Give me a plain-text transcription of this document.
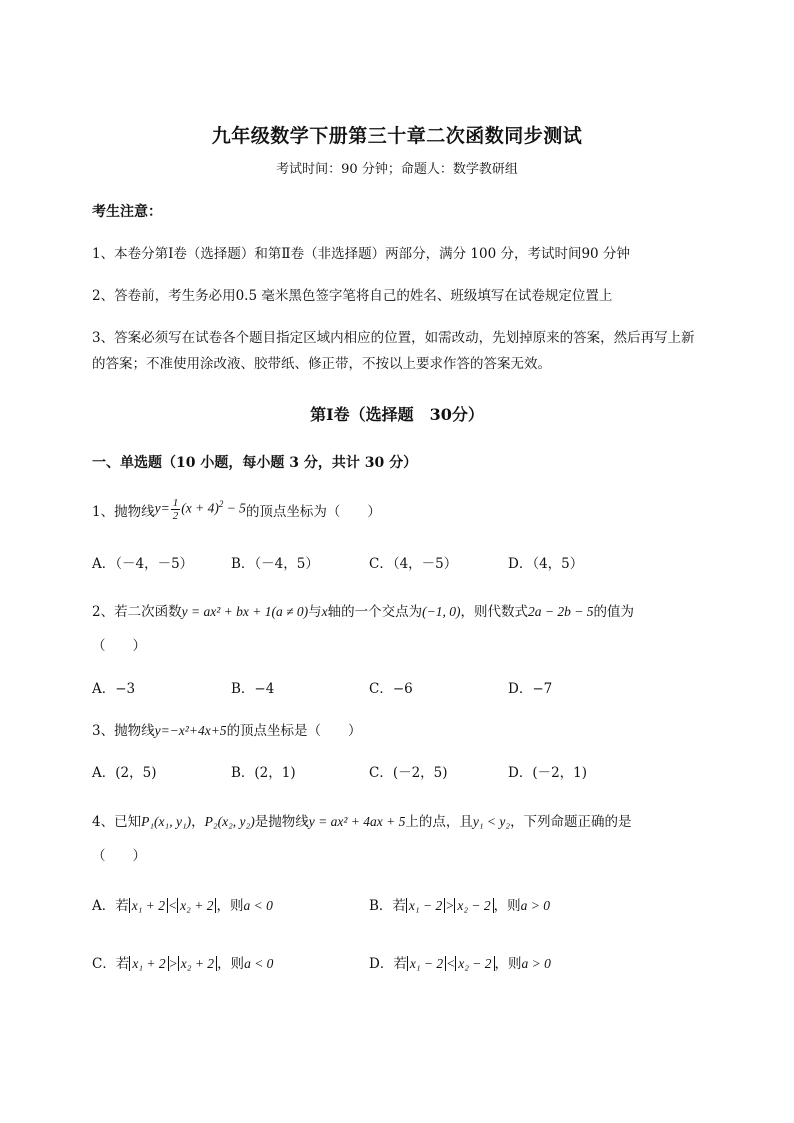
九年级数学下册第三十章二次函数同步测试
考试时间：90 分钟；命题人：数学教研组
考生注意：
1、本卷分第Ⅰ卷（选择题）和第Ⅱ卷（非选择题）两部分，满分 100 分，考试时间90 分钟
2、答卷前，考生务必用0.5 毫米黑色签字笔将自己的姓名、班级填写在试卷规定位置上
3、答案必须写在试卷各个题目指定区域内相应的位置，如需改动，先划掉原来的答案，然后再写上新
的答案；不准使用涂改液、胶带纸、修正带，不按以上要求作答的答案无效。
第Ⅰ卷（选择题　30分）
一、单选题（10 小题，每小题 3 分，共计 30 分）
1、抛物线 $y= \frac{1}{2} (x + 4)^2 - 5$ 的顶点坐标为（　　）
A．（－4，－5）	B．（－4，5）	C．（4，－5）	D．（4，5）
2、若二次函数y = ax² + bx + 1(a ≠ 0)与x轴的一个交点为(−1, 0)，则代数式2a − 2b − 5的值为
（　　）
A．−3	B．−4	C．−6	D．−7
3、抛物线y=−x²+4x+5的顶点坐标是（　　）
A．(2，5)	B．(2，1)	C．(－2，5)	D．(－2，1)
4、已知P₁(x₁, y₁)，P₂(x₂, y₂)是抛物线y = ax² + 4ax + 5上的点，且y₁ < y₂，下列命题正确的是
（　　）
A．若 x₁ + 2 < x₂ + 2 ，则a < 0	B．若 x₁ − 2 > x₂ − 2 ，则a > 0
C．若 x₁ + 2 > x₂ + 2 ，则a < 0	D．若 x₁ − 2 < x₂ − 2 ，则a > 0
